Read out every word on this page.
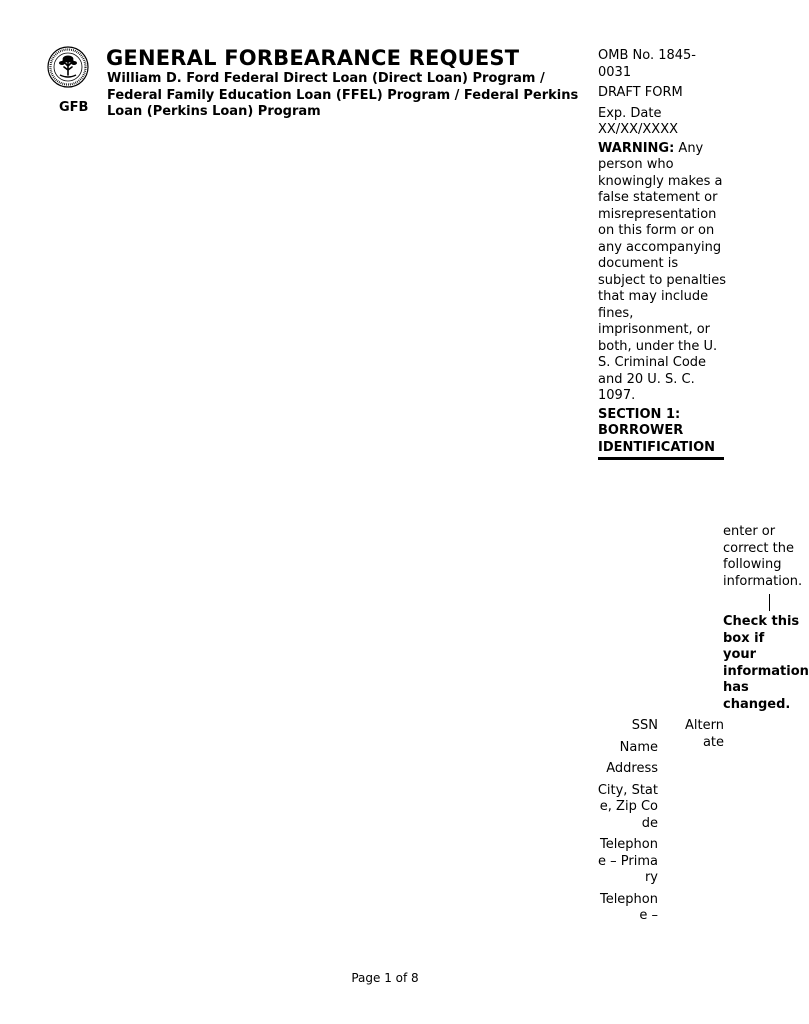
GFB
GENERAL FORBEARANCE REQUEST
William D. Ford Federal Direct Loan (Direct Loan) Program / Federal Family Education Loan (FFEL) Program / Federal Perkins Loan (Perkins Loan) Program
OMB No. 1845-0031
DRAFT FORM
Exp. Date XX/XX/XXXX
WARNING: Any person who knowingly makes a false statement or misrepresentation on this form or on any accompanying document is subject to penalties that may include fines, imprisonment, or both, under the U. S. Criminal Code and 20 U. S. C. 1097.
SECTION 1: BORROWER IDENTIFICATION
enter or
correct the
following
information.
Check this
box if
your
information
has
changed.
SSN
Name
Address
City, State, Zip Code
Telephone – Primary
Telephone –
Alternate
Page 1 of 8
